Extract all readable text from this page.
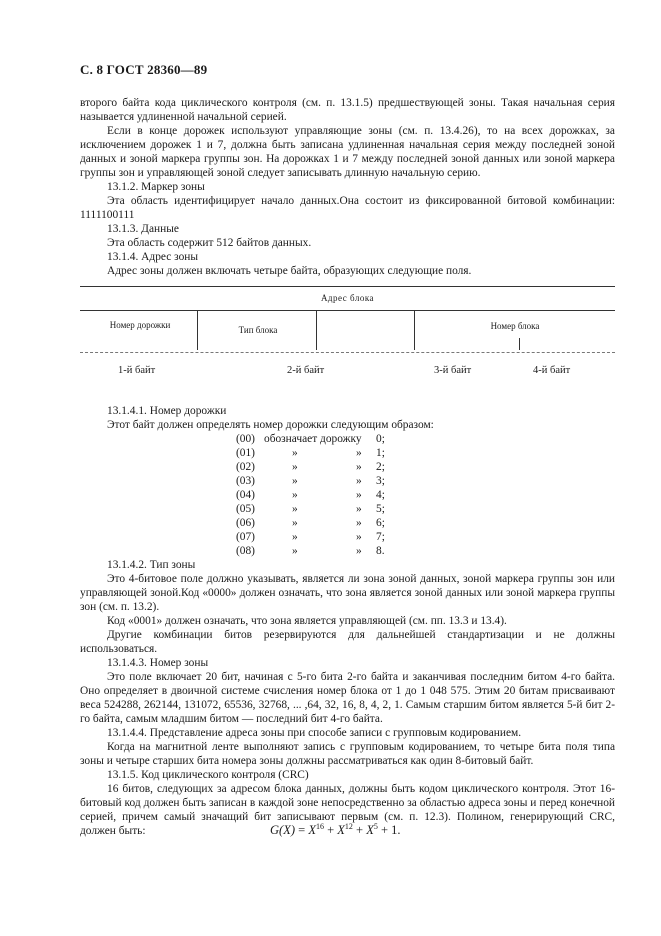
С. 8 ГОСТ 28360—89

второго байта кода циклического контроля (см. п. 13.1.5) предшествующей зоны. Такая начальная серия называется удлиненной начальной серией.

Если в конце дорожек используют управляющие зоны (см. п. 13.4.26), то на всех дорожках, за исключением дорожек 1 и 7, должна быть записана удлиненная начальная серия между последней зоной данных и зоной маркера группы зон. На дорожках 1 и 7 между последней зоной данных или зоной маркера группы зон и управляющей зоной следует записывать длинную начальную серию.

13.1.2. Маркер зоны

Эта область идентифицирует начало данных.Она состоит из фиксированной битовой комбинации: 1111100111

13.1.3. Данные

Эта область содержит 512 байтов данных.

13.1.4. Адрес зоны

Адрес зоны должен включать четыре байта, образующих следующие поля.

Адрес блока
Номер дорожки	Тип блока	Номер блока
1-й байт	2-й байт	3-й байт	4-й байт

13.1.4.1. Номер дорожки

Этот байт должен определять номер дорожки следующим образом:

(00) обозначает дорожку 0;
(01)	»	» 1;
(02)	»	» 2;
(03)	»	» 3;
(04)	»	» 4;
(05)	»	» 5;
(06)	»	» 6;
(07)	»	» 7;
(08)	»	» 8.

13.1.4.2. Тип зоны

Это 4-битовое поле должно указывать, является ли зона зоной данных, зоной маркера группы зон или управляющей зоной.Код «0000» должен означать, что зона является зоной данных или зоной маркера группы зон (см. п. 13.2).

Код «0001» должен означать, что зона является управляющей (см. пп. 13.3 и 13.4).

Другие комбинации битов резервируются для дальнейшей стандартизации и не должны использоваться.

13.1.4.3. Номер зоны

Это поле включает 20 бит, начиная с 5-го бита 2-го байта и заканчивая последним битом 4-го байта. Оно определяет в двоичной системе счисления номер блока от 1 до 1 048 575. Этим 20 битам присваивают веса 524288, 262144, 131072, 65536, 32768, ... ,64, 32, 16, 8, 4, 2, 1. Самым старшим битом является 5-й бит 2-го байта, самым младшим битом — последний бит 4-го байта.

13.1.4.4. Представление адреса зоны при способе записи с групповым кодированием.

Когда на магнитной ленте выполняют запись с групповым кодированием, то четыре бита поля типа зоны и четыре старших бита номера зоны должны рассматриваться как один 8-битовый байт.

13.1.5. Код циклического контроля (CRC)

16 битов, следующих за адресом блока данных, должны быть кодом циклического контроля. Этот 16-битовый код должен быть записан в каждой зоне непосредственно за областью адреса зоны и перед конечной серией, причем самый значащий бит записывают первым (см. п. 12.3). Полином, генерирующий CRC, должен быть:	$G(X) = X^{16} + X^{12} + X^5 + 1$.
